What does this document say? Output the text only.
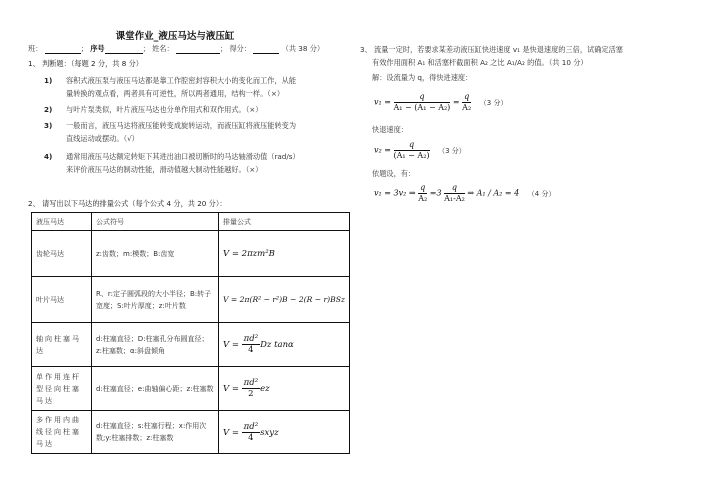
课堂作业_液压马达与液压缸
班：	； 序号	； 姓名：	； 得分：	（共 38 分）
1、 判断题：（每题 2 分，共 8 分）
1) 容积式液压泵与液压马达都是靠工作腔密封容积大小的变化而工作，从能
量转换的观点看，两者具有可逆性，所以两者通用，结构一样。（×）
2) 与叶片泵类似，叶片液压马达也分单作用式和双作用式。（×）
3) 一般而言，液压马达将液压能转变成旋转运动，而液压缸将液压能转变为
直线运动或摆动。（√）
4) 通常用液压马达额定转矩下其进出油口被切断时的马达轴滑动值（rad/s）
来评价液压马达的制动性能，滑动值越大制动性能越好。（×）
2、 请写出以下马达的排量公式（每个公式 4 分，共 20 分）：
液压马达	公式符号	排量公式
齿轮马达	z:齿数；m:模数；B:齿宽	V = 2πzm²B
叶片马达	R、r:定子圆弧段的大小半径；B:转子宽度；S:叶片厚度；z:叶片数	V = 2π(R² − r²)B − 2(R − r)BSz
轴向柱塞马达	d:柱塞直径；D:柱塞孔分布圆直径；z:柱塞数；α:斜盘倾角	$V = \frac{\text{πd²}}{4}$ Dz tanα
单作用连杆型径向柱塞马达	d:柱塞直径；e:曲轴偏心距；z:柱塞数	$V = \frac{\text{πd²}}{2}$ ez
多作用内曲线径向柱塞马达	d:柱塞直径；s:柱塞行程；x:作用次数;y:柱塞排数；z:柱塞数	$V = \frac{\text{πd²}}{4}$ sxyz
3、 流量一定时，若要求某差动液压缸快进速度 v₁ 是快退速度的三倍，试确定活塞
有效作用面积 A₁ 和活塞杆截面积 A₂ 之比 A₁/A₂ 的值。（共 10 分）
解：设流量为 q，得快进速度：
$v_1 = \frac{q}{\text{A₁ − (A₁ − A₂)}} = \frac{q}{\text{A₂}} (3$ 分）
快退速度：
$v_2 = \frac{q}{\text{(A₁ − A₂)}} (3$ 分）
依题设，有：
v₁ = 3v₂ ⇒ $\frac{q}{\text{A₂}} =3 \frac{q}{\text{A₁-A₂}}$ ⇒ A₁ / A₂ = 4 （4 分）
